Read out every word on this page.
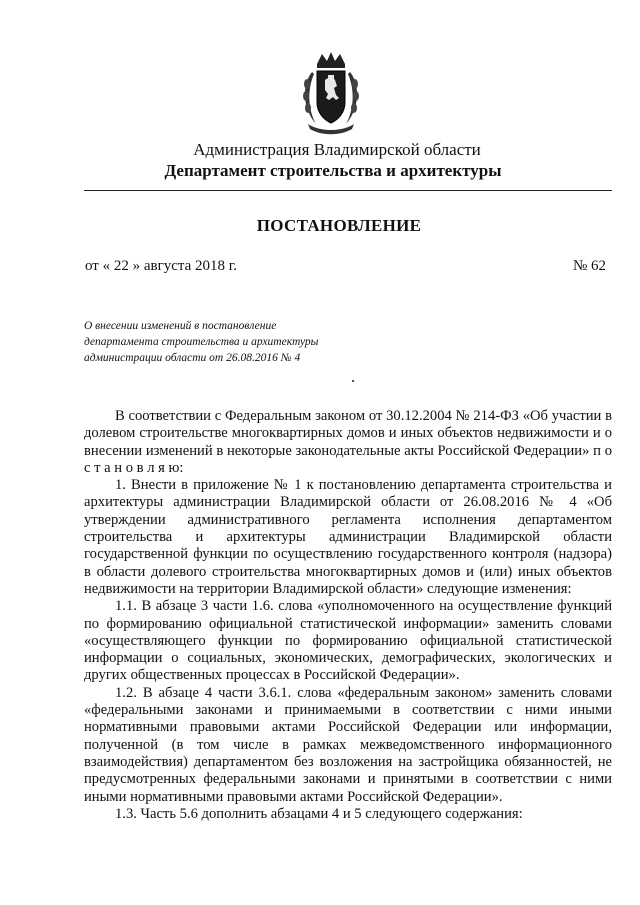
Администрация Владимирской области
Департамент строительства и архитектуры
ПОСТАНОВЛЕНИЕ
от « 22 » августа 2018 г.	№ 62
О внесении изменений в постановление
департамента строительства и архитектуры
администрации области от 26.08.2016 № 4

В соответствии с Федеральным законом от 30.12.2004 № 214-ФЗ «Об участии в долевом строительстве многоквартирных домов и иных объектов недвижимости и о внесении изменений в некоторые законодательные акты Российской Федерации» п о с т а н о в л я ю:

1. Внести в приложение № 1 к постановлению департамента строительства и архитектуры администрации Владимирской области от 26.08.2016 № 4 «Об утверждении административного регламента исполнения департаментом строительства и архитектуры администрации Владимирской области государственной функции по осуществлению государственного контроля (надзора) в области долевого строительства многоквартирных домов и (или) иных объектов недвижимости на территории Владимирской области» следующие изменения:

1.1. В абзаце 3 части 1.6. слова «уполномоченного на осуществление функций по формированию официальной статистической информации» заменить словами «осуществляющего функции по формированию официальной статистической информации о социальных, экономических, демографических, экологических и других общественных процессах в Российской Федерации».

1.2. В абзаце 4 части 3.6.1. слова «федеральным законом» заменить словами «федеральными законами и принимаемыми в соответствии с ними иными нормативными правовыми актами Российской Федерации или информации, полученной (в том числе в рамках межведомственного информационного взаимодействия) департаментом без возложения на застройщика обязанностей, не предусмотренных федеральными законами и принятыми в соответствии с ними иными нормативными правовыми актами Российской Федерации».

1.3. Часть 5.6 дополнить абзацами 4 и 5 следующего содержания:
